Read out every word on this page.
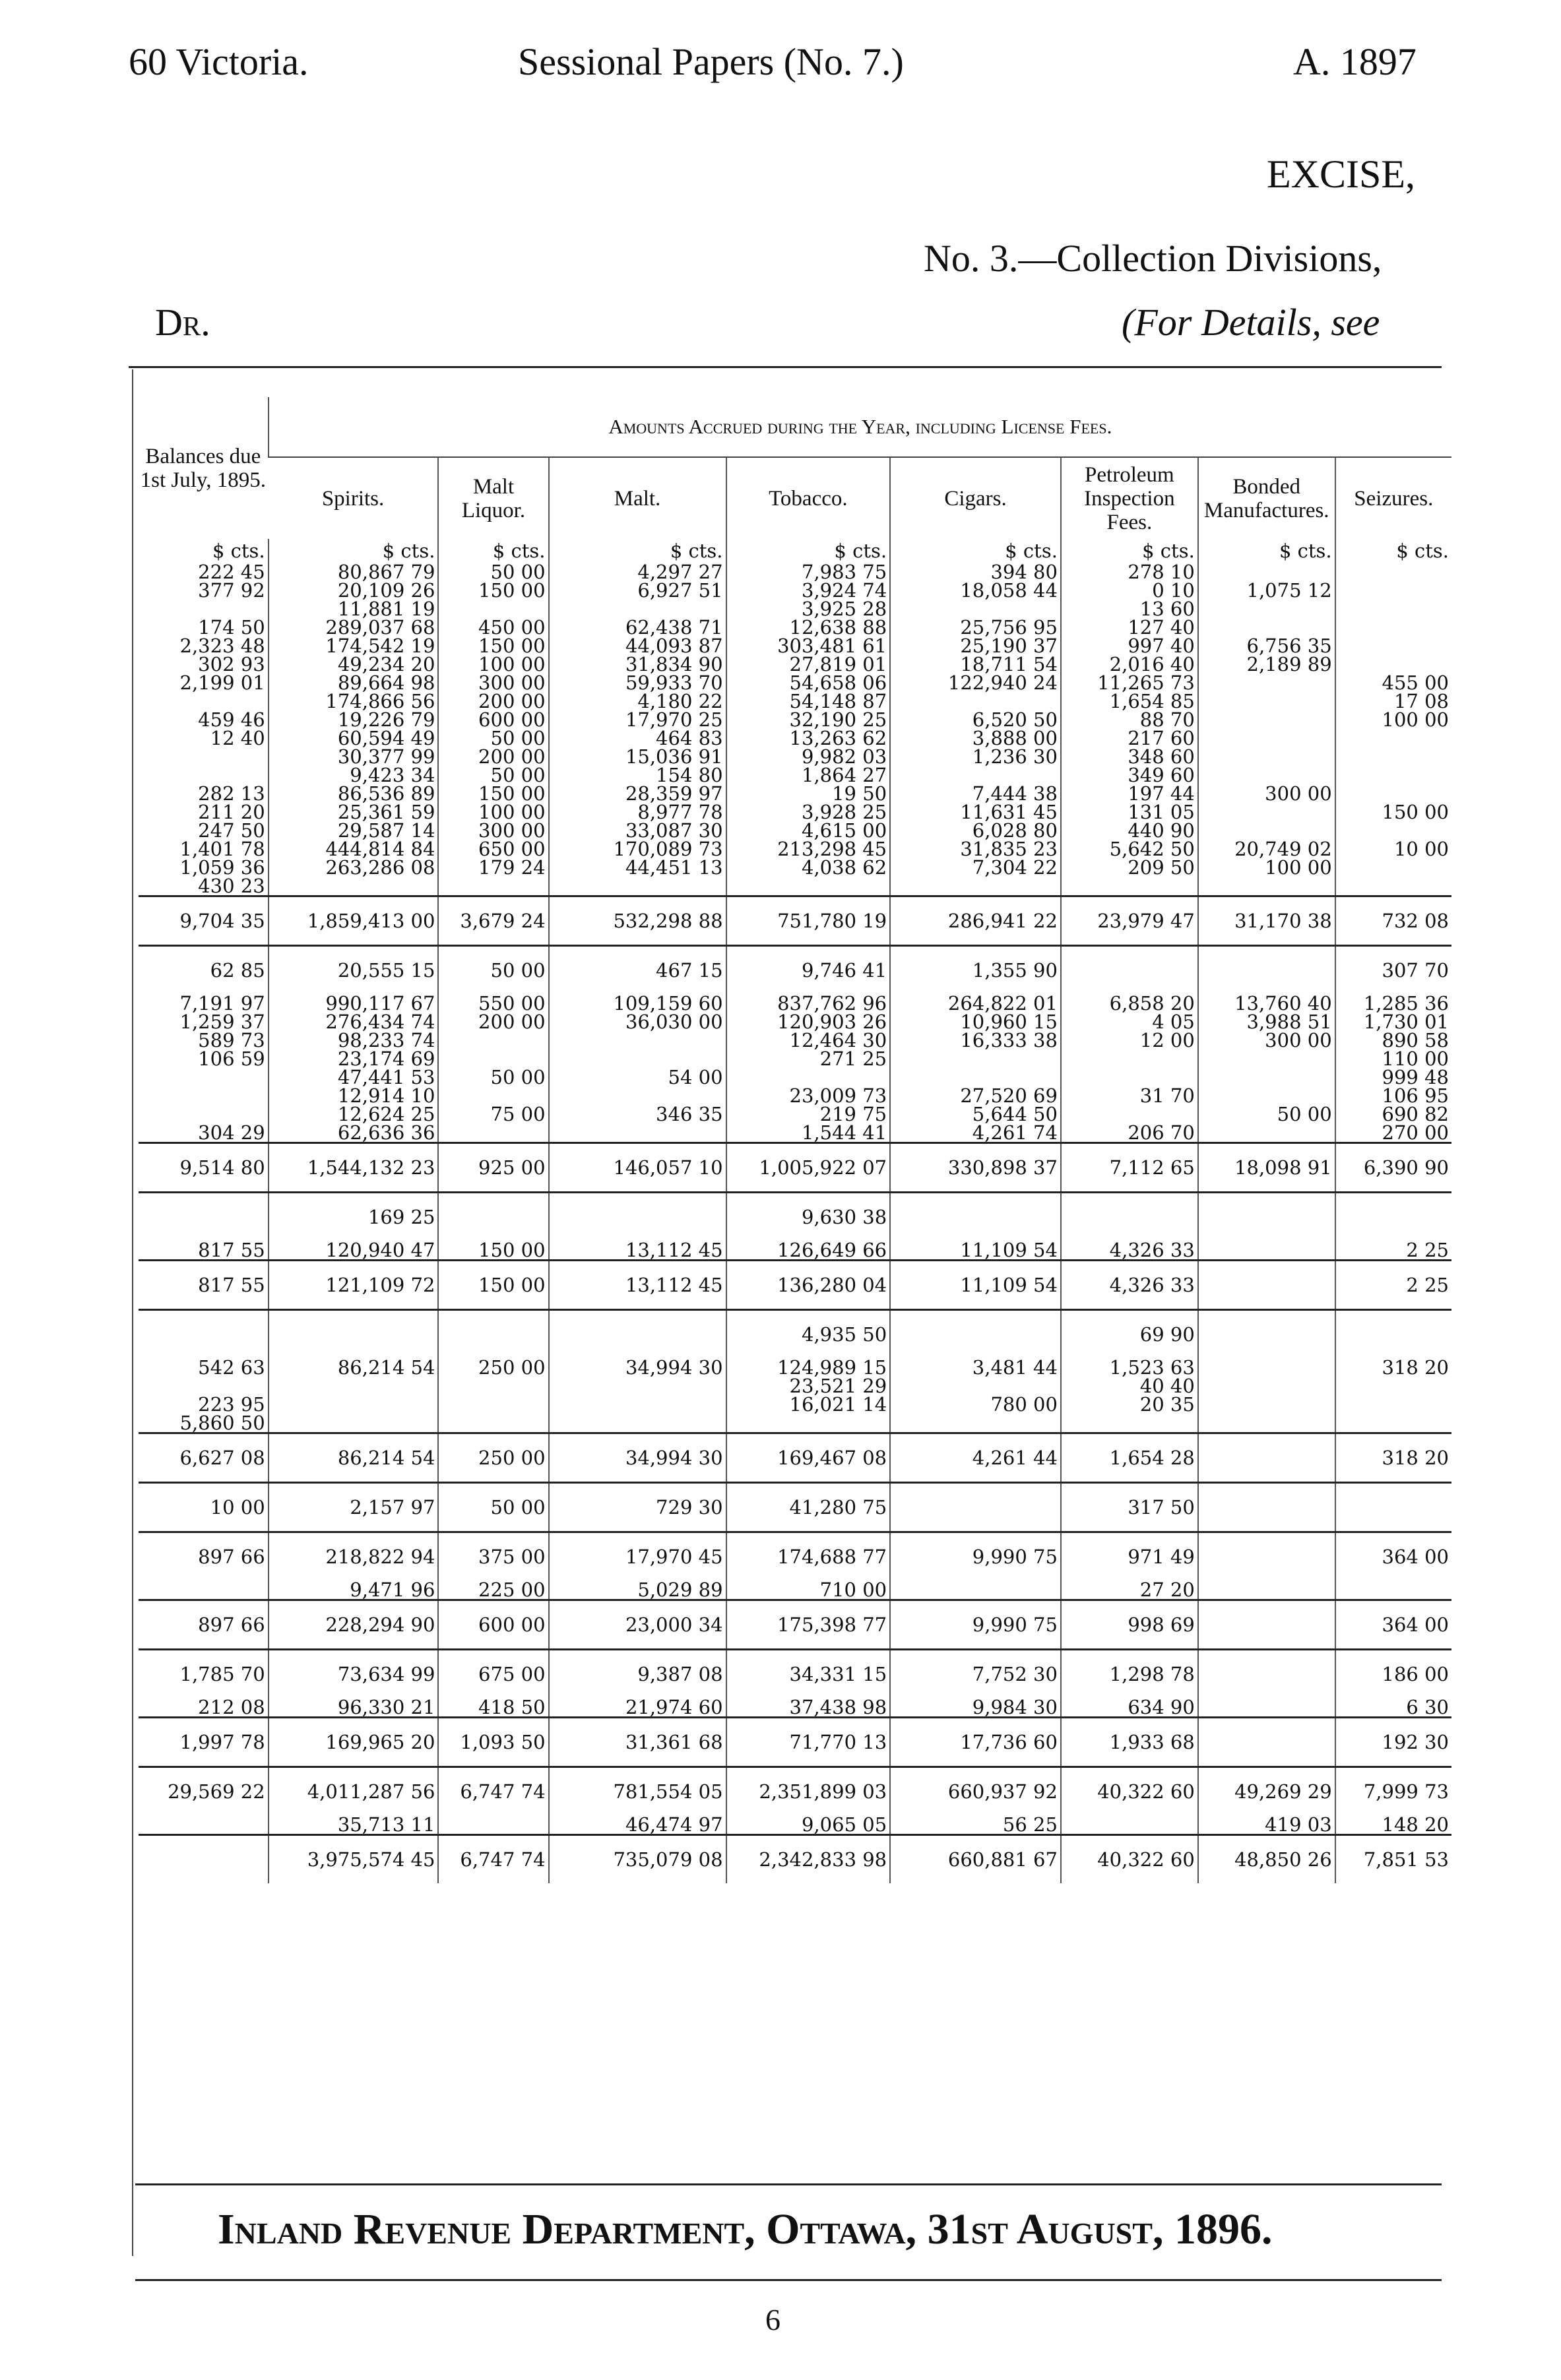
60 Victoria.	Sessional Papers (No. 7.)	A. 1897
EXCISE,
No. 3.—Collection Divisions,
Dr.	(For Details, see
Balances due 1st July, 1895.	Amounts Accrued during the Year, including License Fees.							
	Spirits.	Malt Liquor.	Malt.	Tobacco.	Cigars.	Petroleum Inspection Fees.	Bonded Manufactures.	Seizures.
$ cts.	$ cts.	$ cts.	$ cts.	$ cts.	$ cts.	$ cts.	$ cts.	$ cts.
222 45	80,867 79	50 00	4,297 27	7,983 75	394 80	278 10		
377 92	20,109 26	150 00	6,927 51	3,924 74	18,058 44	0 10	1,075 12	
	11,881 19			3,925 28		13 60		
174 50	289,037 68	450 00	62,438 71	12,638 88	25,756 95	127 40		
2,323 48	174,542 19	150 00	44,093 87	303,481 61	25,190 37	997 40	6,756 35	
302 93	49,234 20	100 00	31,834 90	27,819 01	18,711 54	2,016 40	2,189 89	
2,199 01	89,664 98	300 00	59,933 70	54,658 06	122,940 24	11,265 73		455 00
	174,866 56	200 00	4,180 22	54,148 87		1,654 85		17 08
459 46	19,226 79	600 00	17,970 25	32,190 25	6,520 50	88 70		100 00
12 40	60,594 49	50 00	464 83	13,263 62	3,888 00	217 60		
	30,377 99	200 00	15,036 91	9,982 03	1,236 30	348 60		
	9,423 34	50 00	154 80	1,864 27		349 60		
282 13	86,536 89	150 00	28,359 97	19 50	7,444 38	197 44	300 00	
211 20	25,361 59	100 00	8,977 78	3,928 25	11,631 45	131 05		150 00
247 50	29,587 14	300 00	33,087 30	4,615 00	6,028 80	440 90		
1,401 78	444,814 84	650 00	170,089 73	213,298 45	31,835 23	5,642 50	20,749 02	10 00
1,059 36	263,286 08	179 24	44,451 13	4,038 62	7,304 22	209 50	100 00	
430 23								
9,704 35	1,859,413 00	3,679 24	532,298 88	751,780 19	286,941 22	23,979 47	31,170 38	732 08
62 85	20,555 15	50 00	467 15	9,746 41	1,355 90			307 70
7,191 97	990,117 67	550 00	109,159 60	837,762 96	264,822 01	6,858 20	13,760 40	1,285 36
1,259 37	276,434 74	200 00	36,030 00	120,903 26	10,960 15	4 05	3,988 51	1,730 01
589 73	98,233 74			12,464 30	16,333 38	12 00	300 00	890 58
106 59	23,174 69			271 25				110 00
	47,441 53	50 00	54 00					999 48
	12,914 10			23,009 73	27,520 69	31 70		106 95
	12,624 25	75 00	346 35	219 75	5,644 50		50 00	690 82
304 29	62,636 36			1,544 41	4,261 74	206 70		270 00
9,514 80	1,544,132 23	925 00	146,057 10	1,005,922 07	330,898 37	7,112 65	18,098 91	6,390 90
	169 25			9,630 38				
817 55	120,940 47	150 00	13,112 45	126,649 66	11,109 54	4,326 33		2 25
817 55	121,109 72	150 00	13,112 45	136,280 04	11,109 54	4,326 33		2 25
				4,935 50		69 90		
542 63	86,214 54	250 00	34,994 30	124,989 15	3,481 44	1,523 63		318 20
				23,521 29		40 40		
223 95				16,021 14	780 00	20 35		
5,860 50								
6,627 08	86,214 54	250 00	34,994 30	169,467 08	4,261 44	1,654 28		318 20
10 00	2,157 97	50 00	729 30	41,280 75		317 50		
897 66	218,822 94	375 00	17,970 45	174,688 77	9,990 75	971 49		364 00
	9,471 96	225 00	5,029 89	710 00		27 20		
897 66	228,294 90	600 00	23,000 34	175,398 77	9,990 75	998 69		364 00
1,785 70	73,634 99	675 00	9,387 08	34,331 15	7,752 30	1,298 78		186 00
212 08	96,330 21	418 50	21,974 60	37,438 98	9,984 30	634 90		6 30
1,997 78	169,965 20	1,093 50	31,361 68	71,770 13	17,736 60	1,933 68		192 30
29,569 22	4,011,287 56	6,747 74	781,554 05	2,351,899 03	660,937 92	40,322 60	49,269 29	7,999 73
	35,713 11		46,474 97	9,065 05	56 25		419 03	148 20
	3,975,574 45	6,747 74	735,079 08	2,342,833 98	660,881 67	40,322 60	48,850 26	7,851 53
Inland Revenue Department, Ottawa, 31st August, 1896.
6
